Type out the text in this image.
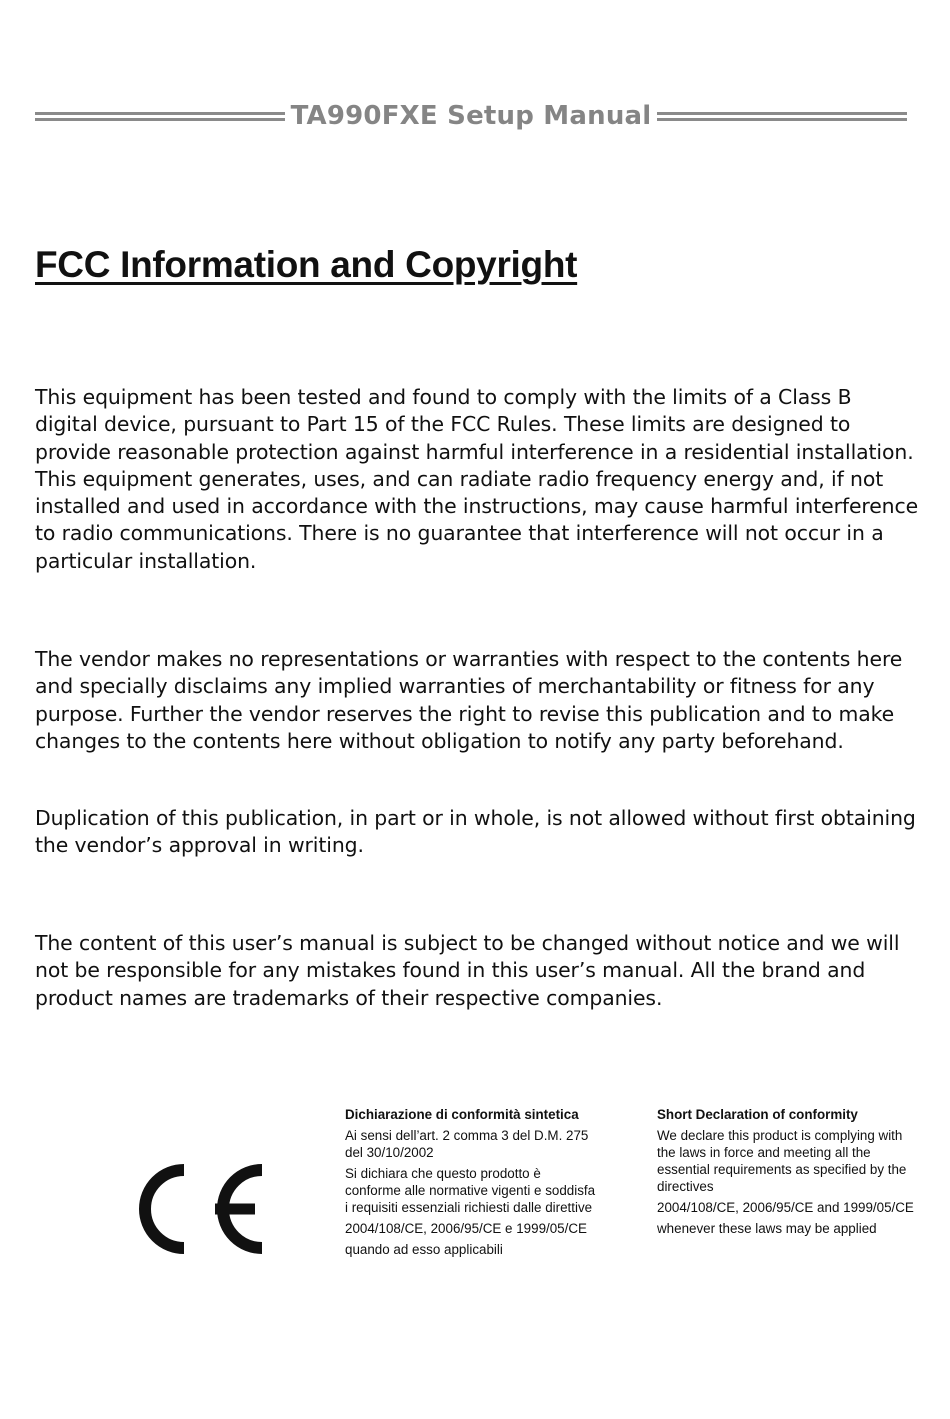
TA990FXE Setup Manual
FCC Information and Copyright

This equipment has been tested and found to comply with the limits of a Class B digital device, pursuant to Part 15 of the FCC Rules. These limits are designed to provide reasonable protection against harmful interference in a residential installation. This equipment generates, uses, and can radiate radio frequency energy and, if not installed and used in accordance with the instructions, may cause harmful interference to radio communications. There is no guarantee that interference will not occur in a particular installation.

The vendor makes no representations or warranties with respect to the contents here and specially disclaims any implied warranties of merchantability or fitness for any purpose. Further the vendor reserves the right to revise this publication and to make changes to the contents here without obligation to notify any party beforehand.

Duplication of this publication, in part or in whole, is not allowed without first obtaining the vendor’s approval in writing.

The content of this user’s manual is subject to be changed without notice and we will not be responsible for any mistakes found in this user’s manual. All the brand and product names are trademarks of their respective companies.

Dichiarazione di conformità sintetica

Ai sensi dell’art. 2 comma 3 del D.M. 275 del 30/10/2002

Si dichiara che questo prodotto è conforme alle normative vigenti e soddisfa i requisiti essenziali richiesti dalle direttive

2004/108/CE, 2006/95/CE e 1999/05/CE

quando ad esso applicabili

Short Declaration of conformity

We declare this product is complying with the laws in force and meeting all the essential requirements as specified by the directives

2004/108/CE, 2006/95/CE and 1999/05/CE

whenever these laws may be applied
